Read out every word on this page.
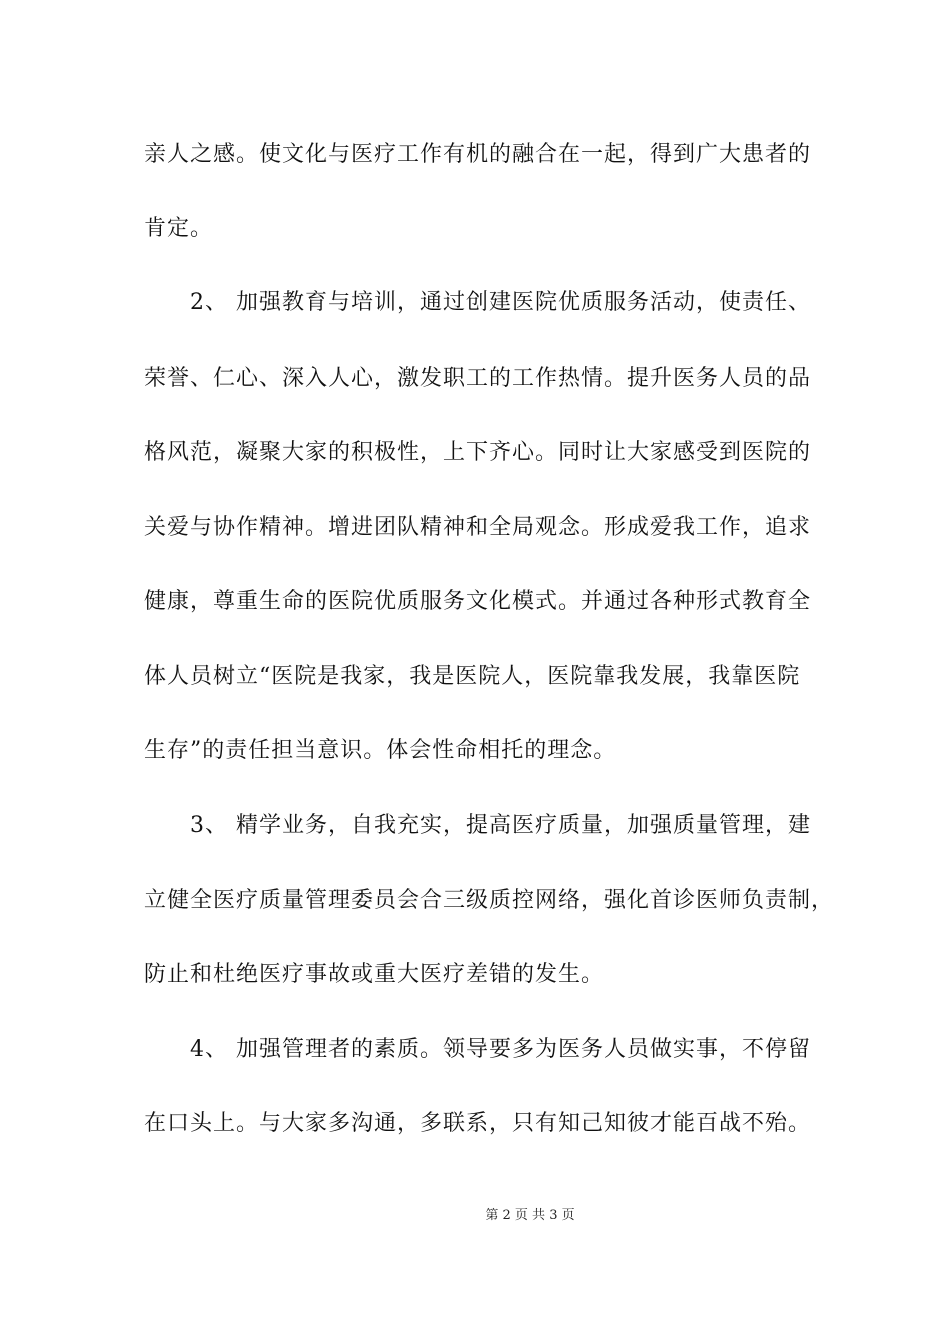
亲人之感。使文化与医疗工作有机的融合在一起，得到广大患者的
肯定。
2、 加强教育与培训，通过创建医院优质服务活动，使责任、
荣誉、仁心、深入人心，激发职工的工作热情。提升医务人员的品
格风范，凝聚大家的积极性，上下齐心。同时让大家感受到医院的
关爱与协作精神。增进团队精神和全局观念。形成爱我工作，追求
健康，尊重生命的医院优质服务文化模式。并通过各种形式教育全
体人员树立“医院是我家，我是医院人，医院靠我发展，我靠医院
生存”的责任担当意识。体会性命相托的理念。
3、 精学业务，自我充实，提高医疗质量，加强质量管理，建
立健全医疗质量管理委员会合三级质控网络，强化首诊医师负责制，
防止和杜绝医疗事故或重大医疗差错的发生。
4、 加强管理者的素质。领导要多为医务人员做实事，不停留
在口头上。与大家多沟通，多联系，只有知己知彼才能百战不殆。
第 2 页 共 3 页
